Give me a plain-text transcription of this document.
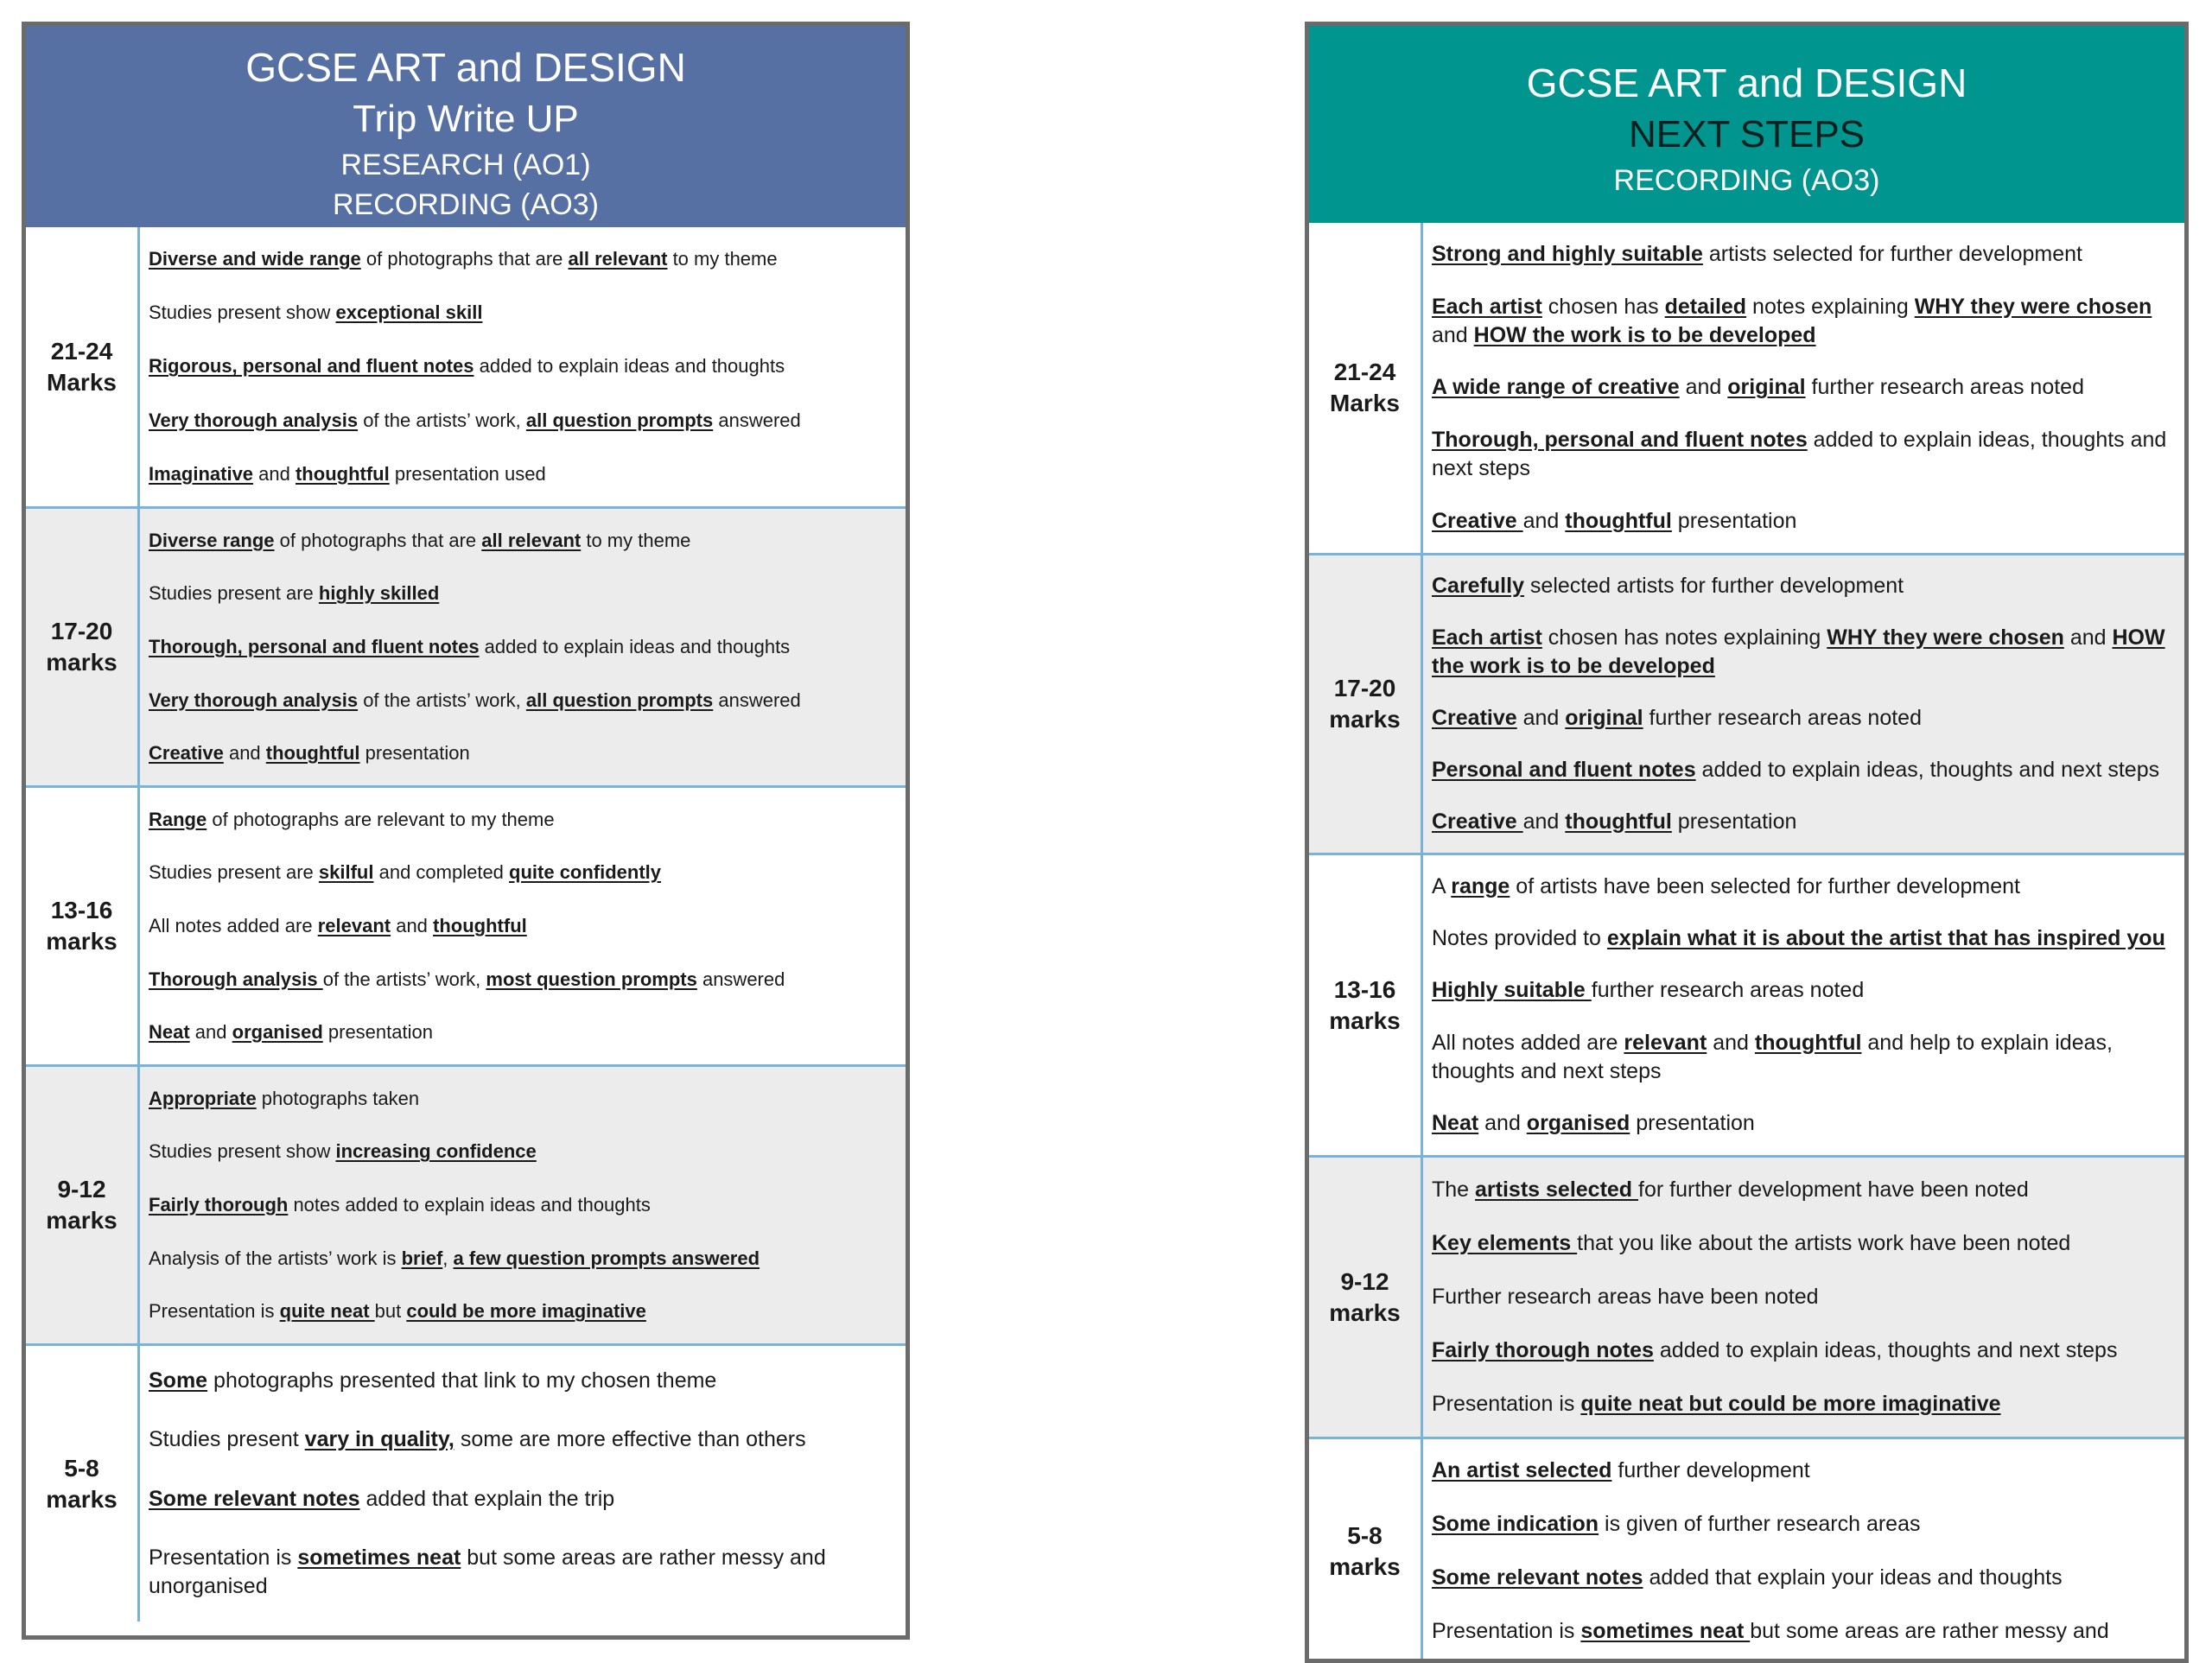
GCSE ART and DESIGN
Trip Write UP
RESEARCH (AO1)
RECORDING (AO3)
21-24
Marks

Diverse and wide range of photographs that are all relevant to my theme

Studies present show exceptional skill

Rigorous, personal and fluent notes added to explain ideas and thoughts

Very thorough analysis of the artists’ work, all question prompts answered

Imaginative and thoughtful presentation used

17-20
marks

Diverse range of photographs that are all relevant to my theme

Studies present are highly skilled

Thorough, personal and fluent notes added to explain ideas and thoughts

Very thorough analysis of the artists’ work, all question prompts answered

Creative and thoughtful presentation

13-16
marks

Range of photographs are relevant to my theme

Studies present are skilful and completed quite confidently

All notes added are relevant and thoughtful

Thorough analysis of the artists’ work, most question prompts answered

Neat and organised presentation

9-12
marks

Appropriate photographs taken

Studies present show increasing confidence

Fairly thorough notes added to explain ideas and thoughts

Analysis of the artists’ work is brief, a few question prompts answered

Presentation is quite neat but could be more imaginative

5-8
marks

Some photographs presented that link to my chosen theme

Studies present vary in quality, some are more effective than others

Some relevant notes added that explain the trip

Presentation is sometimes neat but some areas are rather messy and unorganised

GCSE ART and DESIGN
NEXT STEPS
RECORDING (AO3)
21-24
Marks

Strong and highly suitable artists selected for further development

Each artist chosen has detailed notes explaining WHY they were chosen and HOW the work is to be developed

A wide range of creative and original further research areas noted

Thorough, personal and fluent notes added to explain ideas, thoughts and next steps

Creative and thoughtful presentation

17-20
marks

Carefully selected artists for further development

Each artist chosen has notes explaining WHY they were chosen and HOW the work is to be developed

Creative and original further research areas noted

Personal and fluent notes added to explain ideas, thoughts and next steps

Creative and thoughtful presentation

13-16
marks

A range of artists have been selected for further development

Notes provided to explain what it is about the artist that has inspired you

Highly suitable further research areas noted

All notes added are relevant and thoughtful and help to explain ideas, thoughts and next steps

Neat and organised presentation

9-12
marks

The artists selected for further development have been noted

Key elements that you like about the artists work have been noted

Further research areas have been noted

Fairly thorough notes added to explain ideas, thoughts and next steps

Presentation is quite neat but could be more imaginative

5-8
marks

An artist selected further development

Some indication is given of further research areas

Some relevant notes added that explain your ideas and thoughts

Presentation is sometimes neat but some areas are rather messy and
